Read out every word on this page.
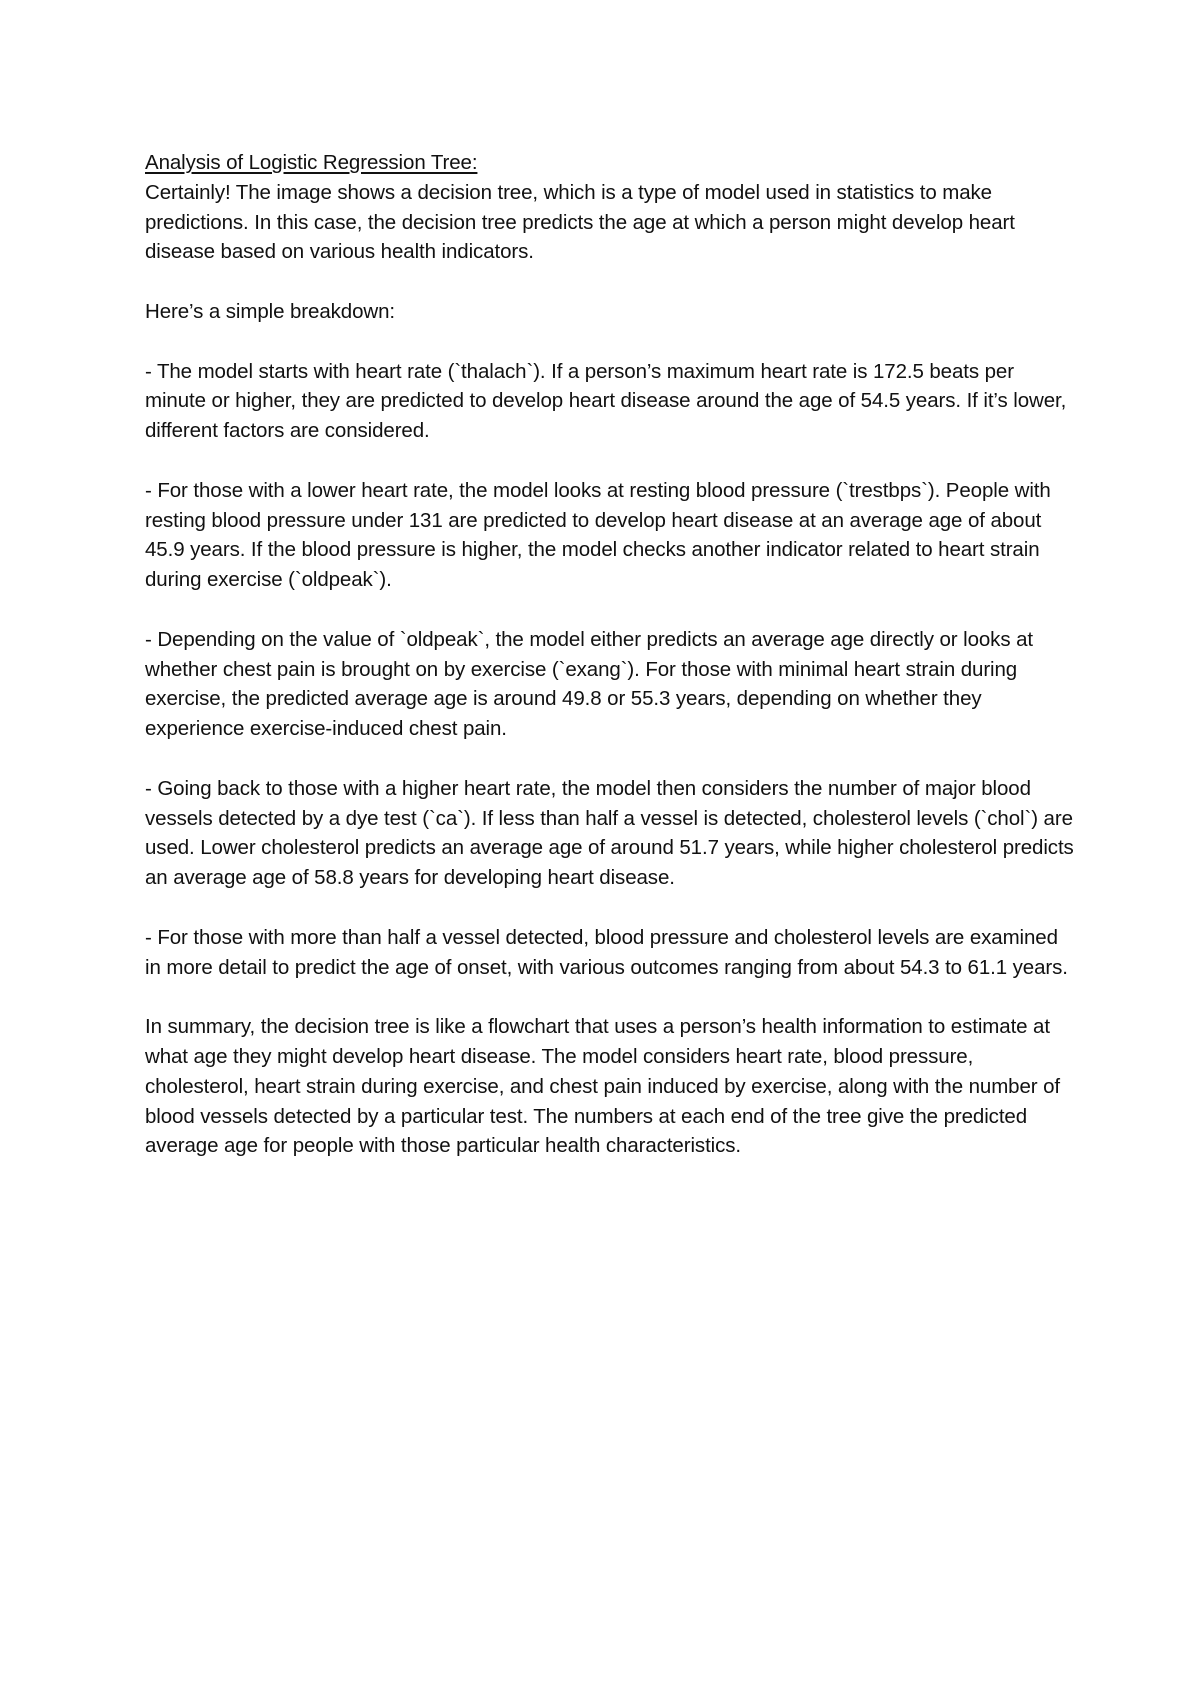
Analysis of Logistic Regression Tree:

Certainly! The image shows a decision tree, which is a type of model used in statistics to make predictions. In this case, the decision tree predicts the age at which a person might develop heart disease based on various health indicators.

Here’s a simple breakdown:

- The model starts with heart rate (`thalach`). If a person’s maximum heart rate is 172.5 beats per minute or higher, they are predicted to develop heart disease around the age of 54.5 years. If it’s lower, different factors are considered.

- For those with a lower heart rate, the model looks at resting blood pressure (`trestbps`). People with resting blood pressure under 131 are predicted to develop heart disease at an average age of about 45.9 years. If the blood pressure is higher, the model checks another indicator related to heart strain during exercise (`oldpeak`).

- Depending on the value of `oldpeak`, the model either predicts an average age directly or looks at whether chest pain is brought on by exercise (`exang`). For those with minimal heart strain during exercise, the predicted average age is around 49.8 or 55.3 years, depending on whether they experience exercise-induced chest pain.

- Going back to those with a higher heart rate, the model then considers the number of major blood vessels detected by a dye test (`ca`). If less than half a vessel is detected, cholesterol levels (`chol`) are used. Lower cholesterol predicts an average age of around 51.7 years, while higher cholesterol predicts an average age of 58.8 years for developing heart disease.

- For those with more than half a vessel detected, blood pressure and cholesterol levels are examined in more detail to predict the age of onset, with various outcomes ranging from about 54.3 to 61.1 years.

In summary, the decision tree is like a flowchart that uses a person’s health information to estimate at what age they might develop heart disease. The model considers heart rate, blood pressure, cholesterol, heart strain during exercise, and chest pain induced by exercise, along with the number of blood vessels detected by a particular test. The numbers at each end of the tree give the predicted average age for people with those particular health characteristics.
